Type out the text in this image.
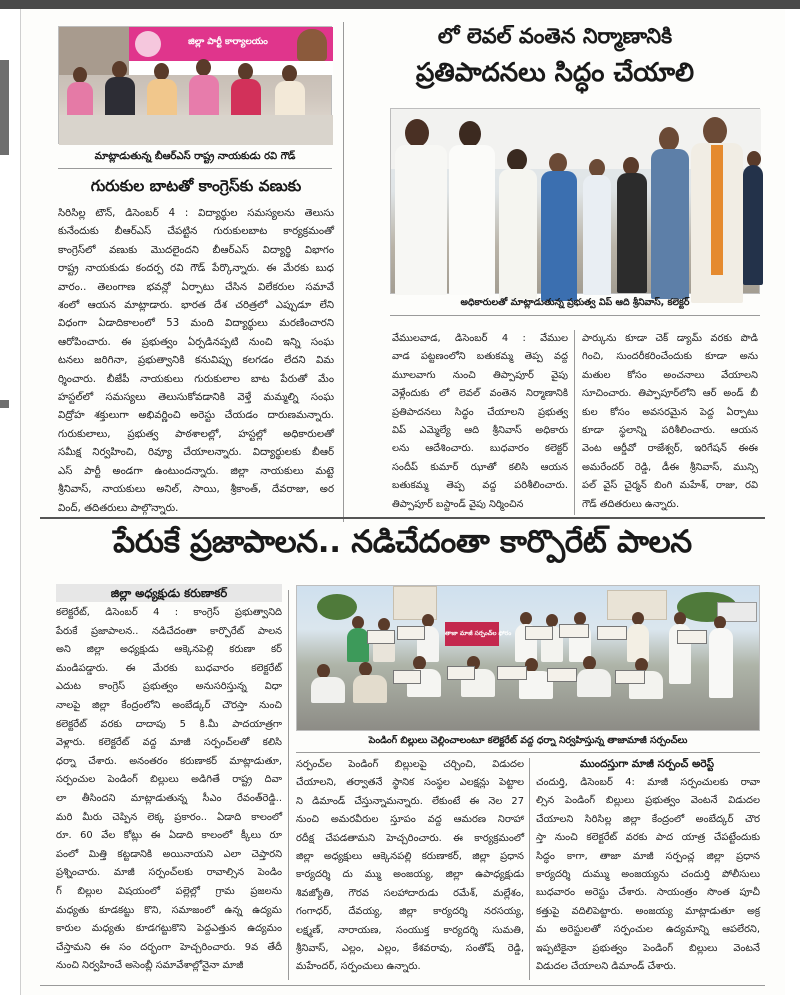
జిల్లా పార్టీ కార్యాలయం
మాట్లాడుతున్న బీఆర్ఎస్ రాష్ట్ర నాయకుడు రవి గౌడ్
గురుకుల బాటతో కాంగ్రెస్‌కు వణుకు
సిరిసిల్ల టౌన్, డిసెంబర్ 4 : విద్యార్థుల సమస్యలను తెలుసు
కునేందుకు బీఆర్ఎస్ చేపట్టిన గురుకులబాట కార్యక్రమంతో
కాంగ్రెస్‌లో వణుకు మొదలైందని బీఆర్ఎస్ విద్యార్థి విభాగం
రాష్ట్ర నాయకుడు కందర్ప రవి గౌడ్ పేర్కొన్నారు. ఈ మేరకు బుధ
వారం.. తెలంగాణ భవన్లో ఏర్పాటు చేసిన విలేకరుల సమావే
శంలో ఆయన మాట్లాడారు. భారత దేశ చరిత్రలో ఎప్పుడూ లేని
విధంగా ఏడాదికాలంలో 53 మంది విద్యార్థులు మరణించారని
ఆరోపించారు. ఈ ప్రభుత్వం ఏర్పడినప్పటి నుంచి ఇన్ని సంఘ
టనలు జరిగినా, ప్రభుత్వానికి కనువిప్పు కలగడం లేదని విమ
ర్శించారు. బీజేపీ నాయకులు గురుకులాల బాట పేరుతో మేం
హస్టల్‌లో సమస్యలు తెలుసుకోవడానికి వెళ్తే మమ్మల్ని సంఘ
విద్రోహ శక్తులుగా అభివర్ణించి అరెస్టు చేయడం దారుణమన్నారు.
గురుకులాలు, ప్రభుత్వ పాఠశాలల్లో, హస్టల్లో అధికారులతో
సమీక్ష నిర్వహించి, రివ్యూ చేయాలన్నారు. విద్యార్థులకు బీఆర్
ఎస్ పార్టీ అండగా ఉంటుందన్నారు. జిల్లా నాయకులు మట్టె
శ్రీనివాస్, నాయకులు అనిల్, సాయి, శ్రీకాంత్, దేవరాజు, అర
వింద్, తదితరులు పాల్గొన్నారు.
లో లెవల్ వంతెన నిర్మాణానికి
ప్రతిపాదనలు సిద్ధం చేయాలి
అధికారులతో మాట్లాడుతున్న ప్రభుత్వ విప్ ఆది శ్రీనివాస్, కలెక్టర్
వేములవాడ, డిసెంబర్ 4 : వేముల
వాడ పట్టణంలోని బతుకమ్మ తెప్ప వద్ద
మూలవాగు నుంచి తిప్పాపూర్ వైపు
వెళ్లేందుకు లో లెవల్ వంతెన నిర్మాణానికి
ప్రతిపాదనలు సిద్ధం చేయాలని ప్రభుత్వ
విప్ ఎమ్మెల్యే ఆది శ్రీనివాస్ అధికారు
లను ఆదేశించారు. బుధవారం కలెక్టర్
సందీప్ కుమార్ ఝాతో కలిసి ఆయన
బతుకమ్మ తెప్ప వద్ద పరిశీలించారు.
తిప్పాపూర్ బస్టాండ్ వైపు నిర్మించిన
పార్కును కూడా చెక్ డ్యామ్ వరకు పొడి
గించి, సుందరీకరించేందుకు కూడా అను
మతుల కోసం అంచనాలు వేయాలని
సూచించారు. తిప్పాపూర్‌లోని ఆర్ అండ్ బీ
కుల కోసం అవసరమైన పెద్ద ఏర్పాటు
కూడా స్థలాన్ని పరిశీలించారు. ఆయన
వెంట ఆర్డీవో రాజేశ్వర్, ఇరిగేషన్ ఈఈ
అమరేందర్ రెడ్డి, డీఈ శ్రీనివాస్, మున్సి
పల్ వైస్ చైర్మన్ బింగి మహేశ్, రాజు, రవి
గౌడ్ తదితరులు ఉన్నారు.
పేరుకే ప్రజాపాలన.. నడిచేదంతా కార్పొరేట్ పాలన
జిల్లా అధ్యక్షుడు కరుణాకర్
తాజా మాజీ సర్పంచ్‌ల ఫోరం
పెండింగ్ బిల్లులు చెల్లించాలంటూ కలెక్టరేట్ వద్ద ధర్నా నిర్వహిస్తున్న తాజామాజీ సర్పంచ్‌లు
కలెక్టరేట్, డిసెంబర్ 4 : కాంగ్రెస్ ప్రభుత్వానిది
పేరుకే ప్రజాపాలన.. నడిచేదంతా కార్పొరేట్ పాలన
అని జిల్లా అధ్యక్షుడు ఆక్కెనపెల్లి కరుణా కర్
మండిపడ్డారు. ఈ మేరకు బుధవారం కలెక్టరేట్
ఎదుట కాంగ్రెస్ ప్రభుత్వం అనుసరిస్తున్న విధా
నాలపై జిల్లా కేంద్రంలోని అంబేడ్కర్ చౌరస్తా నుంచి
కలెక్టరేట్ వరకు దాదాపు 5 కి.మీ పాదయాత్రగా
వెళ్లారు. కలెక్టరేట్ వద్ద మాజీ సర్పంచ్‌లతో కలిసి
ధర్నా చేశారు. అనంతరం కరుణాకర్ మాట్లాడుతూ,
సర్పంచుల పెండింగ్ బిల్లులు అడిగితే రాష్ట్ర దివా
లా తీసిందని మాట్లాడుతున్న సీఎం రేవంత్‌రెడ్డి..
మరి మీరు చెప్పిన లెక్క ప్రకారం.. ఏడాది కాలంలో
రూ. 60 వేల కోట్లు ఈ ఏడాది కాలంలో క్కీలు రూ
పంలో మిత్తి కట్టడానికి అయినాయని ఎలా చెప్తారని
ప్రశ్నించారు. మాజీ సర్పంచ్‌లకు రావాల్సిన పెండిం
గ్ బిల్లుల విషయంలో పల్లెల్లో గ్రామ ప్రజలను
మధ్యతు కూడకట్టు కొని, సమాజంలో ఉన్న ఉద్యమ
కారుల మధ్యతు కూడగట్టుకొని పెద్దఎత్తున ఉద్యమం
చేస్తామని ఈ సం దర్భంగా హెచ్చరించారు. 9వ తేదీ
నుంచి నిర్వహించే అసెంబ్లీ సమావేశాల్లోనైనా మాజీ
సర్పంచ్‌ల పెండింగ్ బిల్లులపై చర్చించి, విడుదల
చేయాలని, తర్వాతనే స్థానిక సంస్థల ఎలక్షన్లు పెట్టాల
ని డిమాండ్ చేస్తున్నామన్నారు. లేకుంటే ఈ నెల 27
నుంచి అమరవీరుల స్తూపం వద్ద ఆమరణ నిరాహా
రదీక్ష చేపడతామని హెచ్చరించారు. ఈ కార్యక్రమంలో
జిల్లా అధ్యక్షులు ఆక్కెనపల్లి కరుణాకర్, జిల్లా ప్రధాన
కార్యదర్శి దు మ్ము అంజయ్య, జిల్లా ఉపాధ్యక్షుడు
శివజ్యోతి, గౌరవ సలహాదారుడు రమేశ్, మల్లేశం,
గంగాధర్, దేవయ్య, జిల్లా కార్యదర్శి నరసయ్య,
లక్ష్మణ్, నారాయణ, సంయుక్త కార్యదర్శి సుమతి,
శ్రీనివాస్, ఎల్లం, ఎల్లం, కేశవరావు, సంతోష్ రెడ్డి,
మహేందర్, సర్పంచులు ఉన్నారు.
ముందస్తుగా మాజీ సర్పంచ్ అరెస్ట్
చందుర్తి, డిసెంబర్ 4: మాజీ సర్పంచులకు రావా
ల్సిన పెండింగ్ బిల్లులు ప్రభుత్వం వెంటనే విడుదల
చేయాలని సిరిసిల్ల జిల్లా కేంద్రంలో అంబేద్కర్ చౌర
స్తా నుంచి కలెక్టరేట్ వరకు పాద యాత్ర చేపట్టేందుకు
సిద్ధం కాగా, తాజా మాజీ సర్పంచ్ల జిల్లా ప్రధాన
కార్యదర్శి దుమ్ము అంజయ్యను చందుర్తి పోలీసులు
బుధవారం అరెస్టు చేశారు. సాయంత్రం సొంత పూచీ
కత్తుపై వదిలిపెట్టారు. అంజయ్య మాట్లాడుతూ అక్ర
మ అరెస్టులతో సర్పంచుల ఉద్యమాన్ని ఆపలేరని,
ఇప్పటికైనా ప్రభుత్వం పెండింగ్ బిల్లులు వెంటనే
విడుదల చేయాలని డిమాండ్ చేశారు.
